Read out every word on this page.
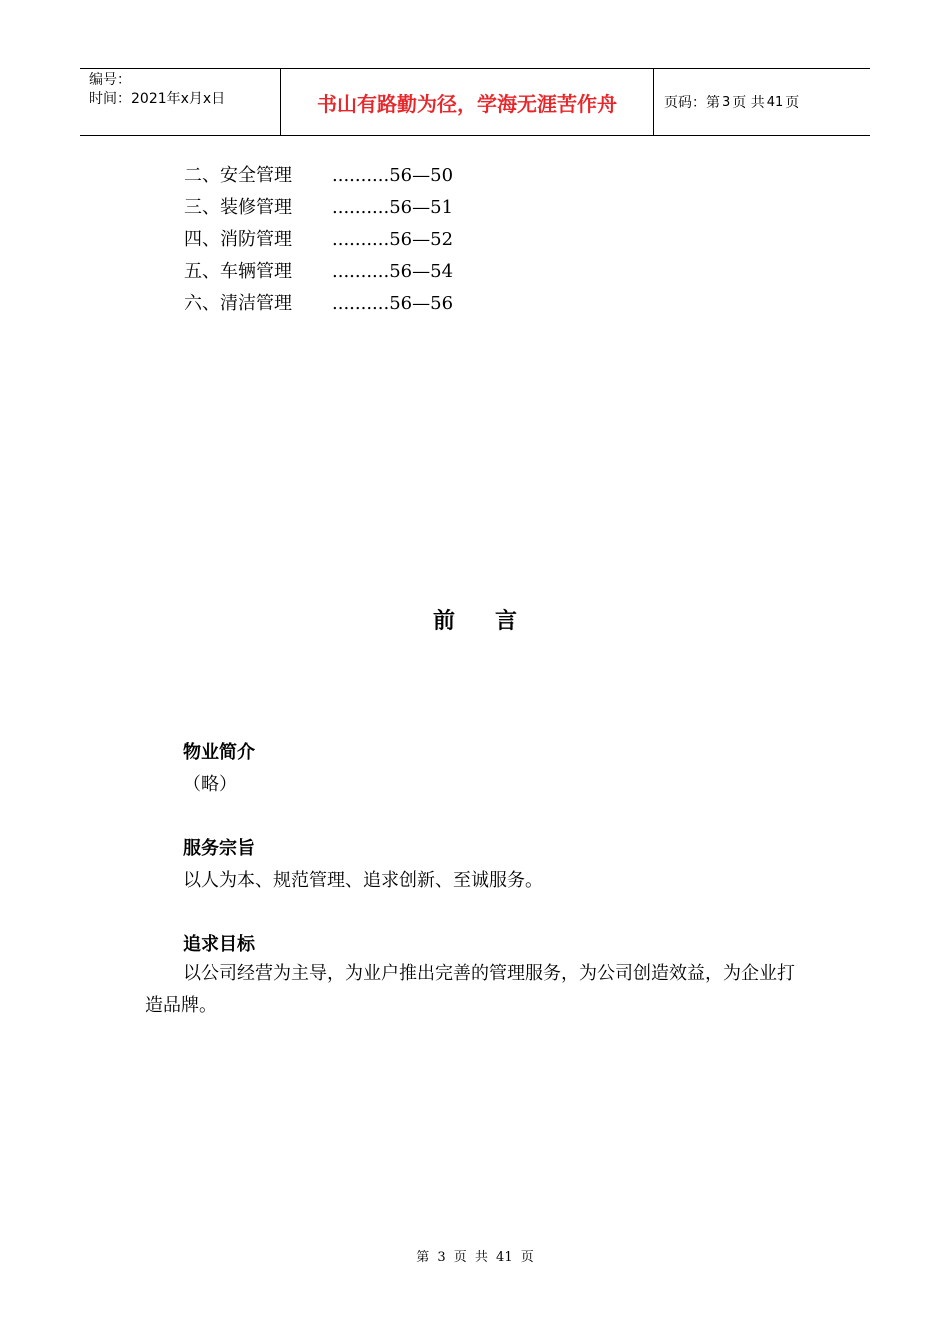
编号：
时间：2021年x月x日	书山有路勤为径，学海无涯苦作舟	页码：第 3 页 共 41 页
二、安全管理	..........56—50
三、装修管理	..........56—51
四、消防管理	..........56—52
五、车辆管理	..........56—54
六、清洁管理	..........56—56
前言
物业简介
（略）
服务宗旨
以人为本、规范管理、追求创新、至诚服务。
追求目标
以公司经营为主导，为业户推出完善的管理服务，为公司创造效益，为企业打造品牌。
第 3 页 共 41 页
